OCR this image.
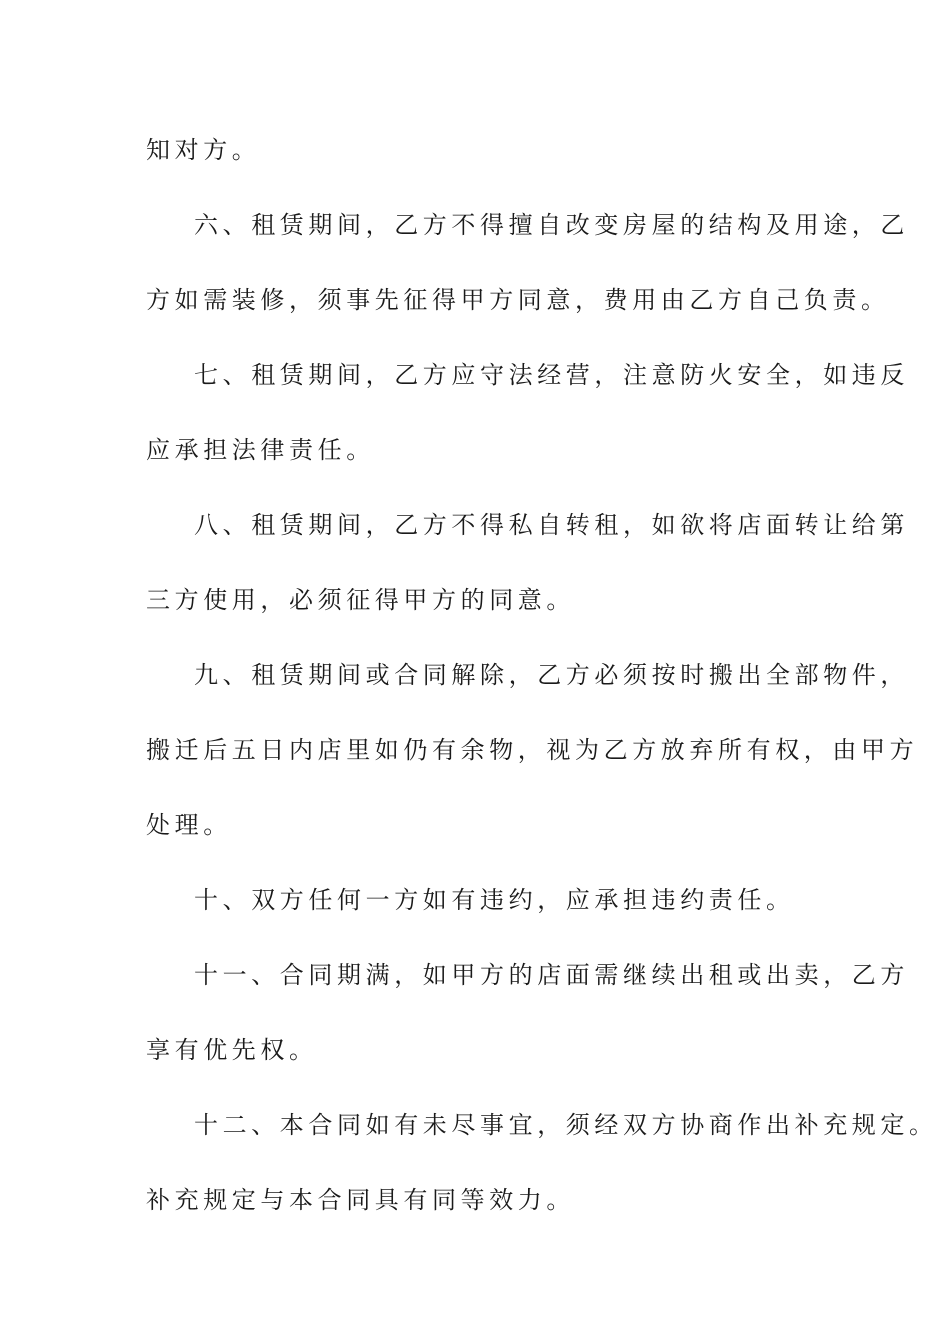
知对方。
六、租赁期间，乙方不得擅自改变房屋的结构及用途，乙
方如需装修，须事先征得甲方同意，费用由乙方自己负责。
七、租赁期间，乙方应守法经营，注意防火安全，如违反
应承担法律责任。
八、租赁期间，乙方不得私自转租，如欲将店面转让给第
三方使用，必须征得甲方的同意。
九、租赁期间或合同解除，乙方必须按时搬出全部物件，
搬迁后五日内店里如仍有余物，视为乙方放弃所有权，由甲方
处理。
十、双方任何一方如有违约，应承担违约责任。
十一、合同期满，如甲方的店面需继续出租或出卖，乙方
享有优先权。
十二、本合同如有未尽事宜，须经双方协商作出补充规定。
补充规定与本合同具有同等效力。
